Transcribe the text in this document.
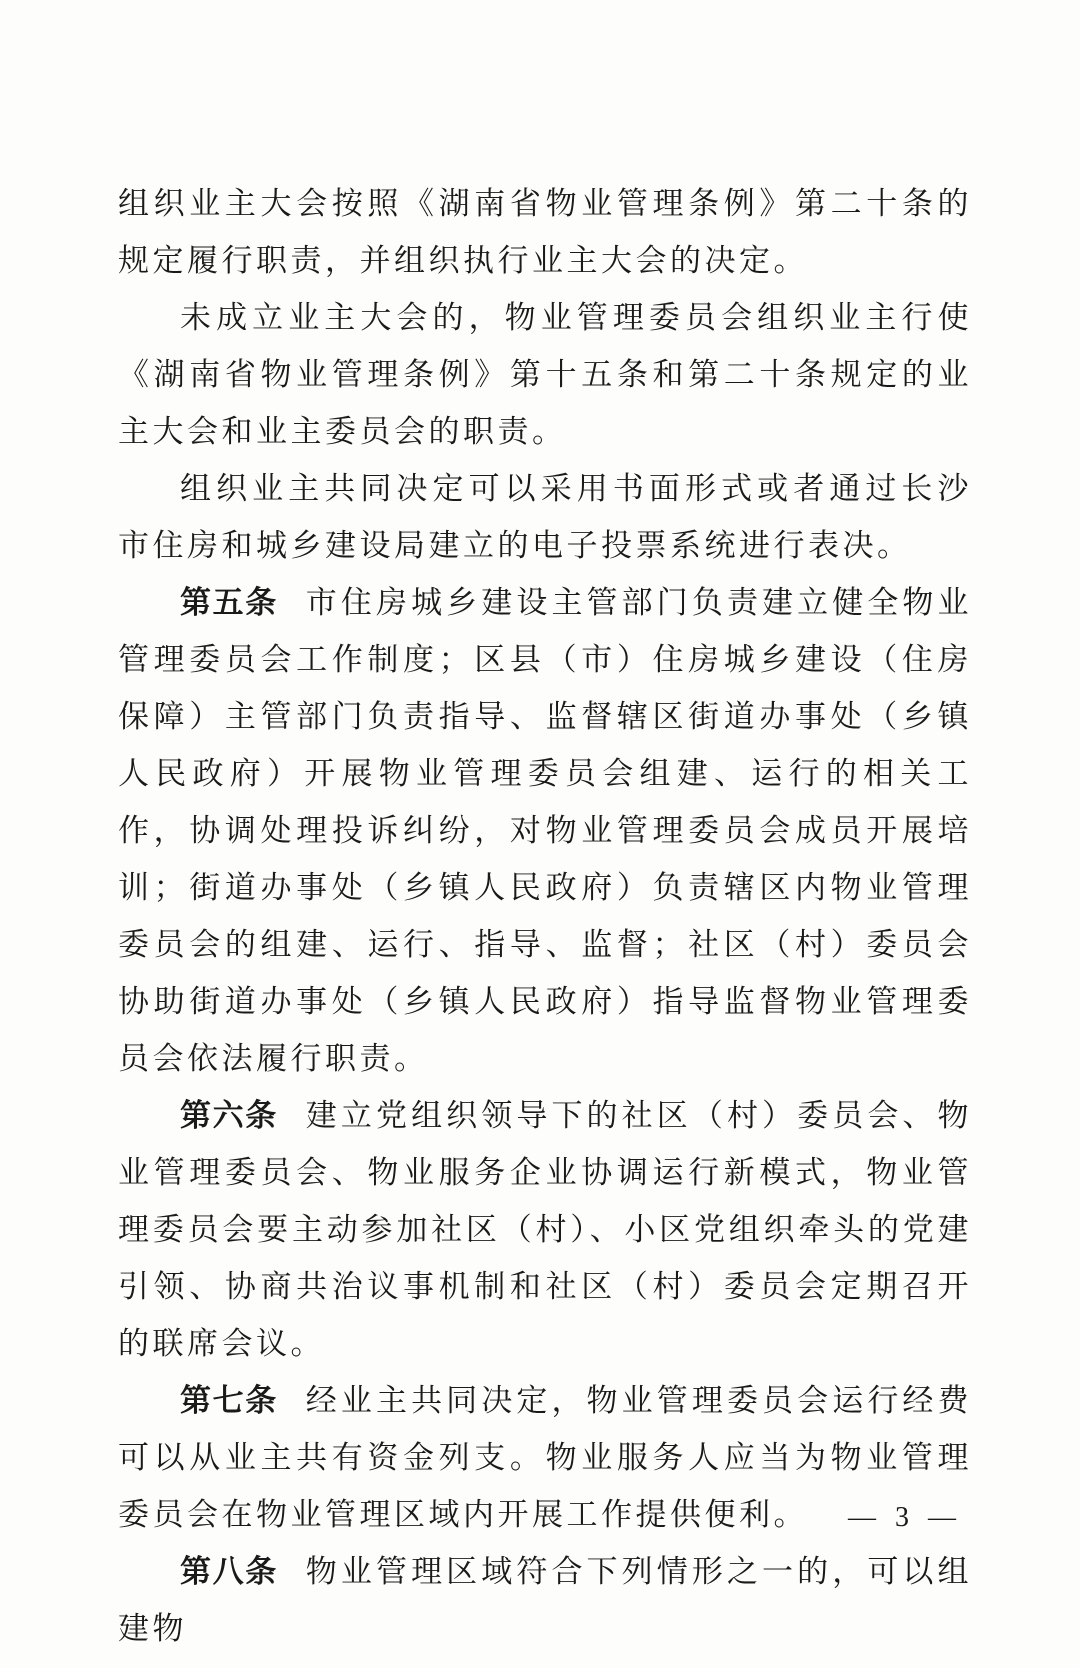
组织业主大会按照《湖南省物业管理条例》第二十条的规定履行职责，并组织执行业主大会的决定。

未成立业主大会的，物业管理委员会组织业主行使《湖南省物业管理条例》第十五条和第二十条规定的业主大会和业主委员会的职责。

组织业主共同决定可以采用书面形式或者通过长沙市住房和城乡建设局建立的电子投票系统进行表决。

第五条 市住房城乡建设主管部门负责建立健全物业管理委员会工作制度；区县（市）住房城乡建设（住房保障）主管部门负责指导、监督辖区街道办事处（乡镇人民政府）开展物业管理委员会组建、运行的相关工作，协调处理投诉纠纷，对物业管理委员会成员开展培训；街道办事处（乡镇人民政府）负责辖区内物业管理委员会的组建、运行、指导、监督；社区（村）委员会协助街道办事处（乡镇人民政府）指导监督物业管理委员会依法履行职责。

第六条 建立党组织领导下的社区（村）委员会、物业管理委员会、物业服务企业协调运行新模式，物业管理委员会要主动参加社区（村）、小区党组织牵头的党建引领、协商共治议事机制和社区（村）委员会定期召开的联席会议。

第七条 经业主共同决定，物业管理委员会运行经费可以从业主共有资金列支。物业服务人应当为物业管理委员会在物业管理区域内开展工作提供便利。

第八条 物业管理区域符合下列情形之一的，可以组建物

— 3 —
